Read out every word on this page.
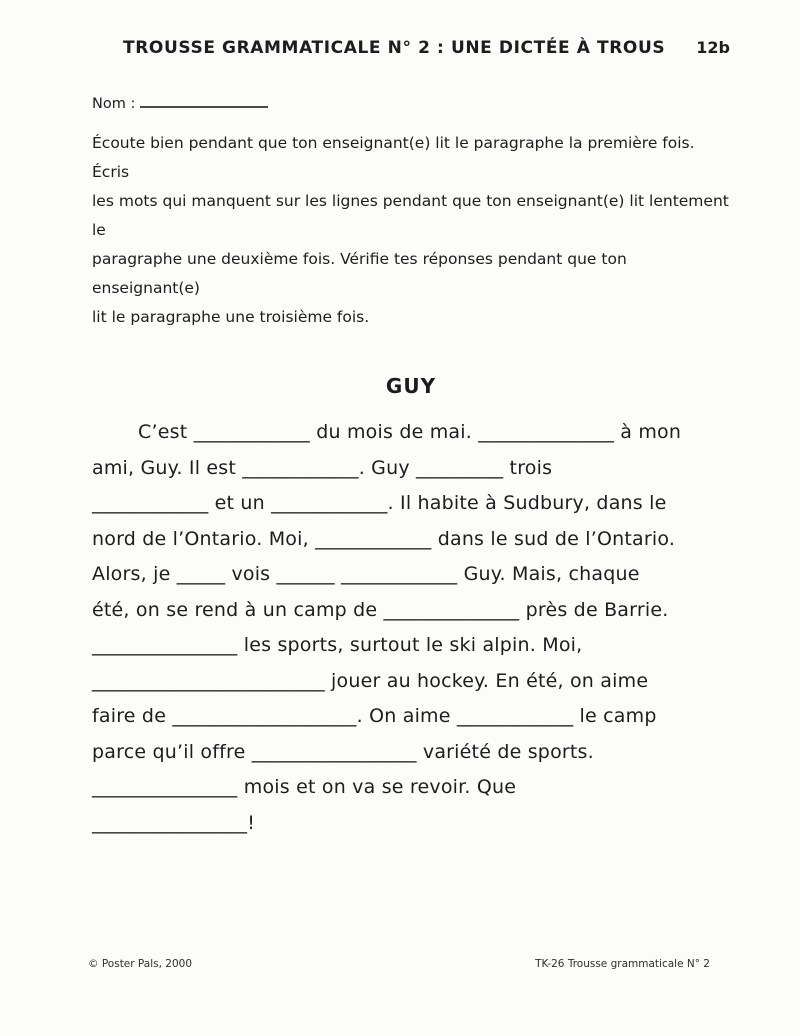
TROUSSE GRAMMATICALE N° 2 : UNE DICTÉE À TROUS 12b
Nom :
Écoute bien pendant que ton enseignant(e) lit le paragraphe la première fois. Écris
les mots qui manquent sur les lignes pendant que ton enseignant(e) lit lentement le
paragraphe une deuxième fois. Vérifie tes réponses pendant que ton enseignant(e)
lit le paragraphe une troisième fois.
GUY
C’est ____________ du mois de mai. ______________ à mon
ami, Guy. Il est ____________. Guy _________ trois
____________ et un ____________. Il habite à Sudbury, dans le
nord de l’Ontario. Moi, ____________ dans le sud de l’Ontario.
Alors, je _____ vois ______ ____________ Guy. Mais, chaque
été, on se rend à un camp de ______________ près de Barrie.
_______________ les sports, surtout le ski alpin. Moi,
________________________ jouer au hockey. En été, on aime
faire de ___________________. On aime ____________ le camp
parce qu’il offre _________________ variété de sports.
_______________ mois et on va se revoir. Que
________________!
© Poster Pals, 2000	TK-26 Trousse grammaticale N° 2
